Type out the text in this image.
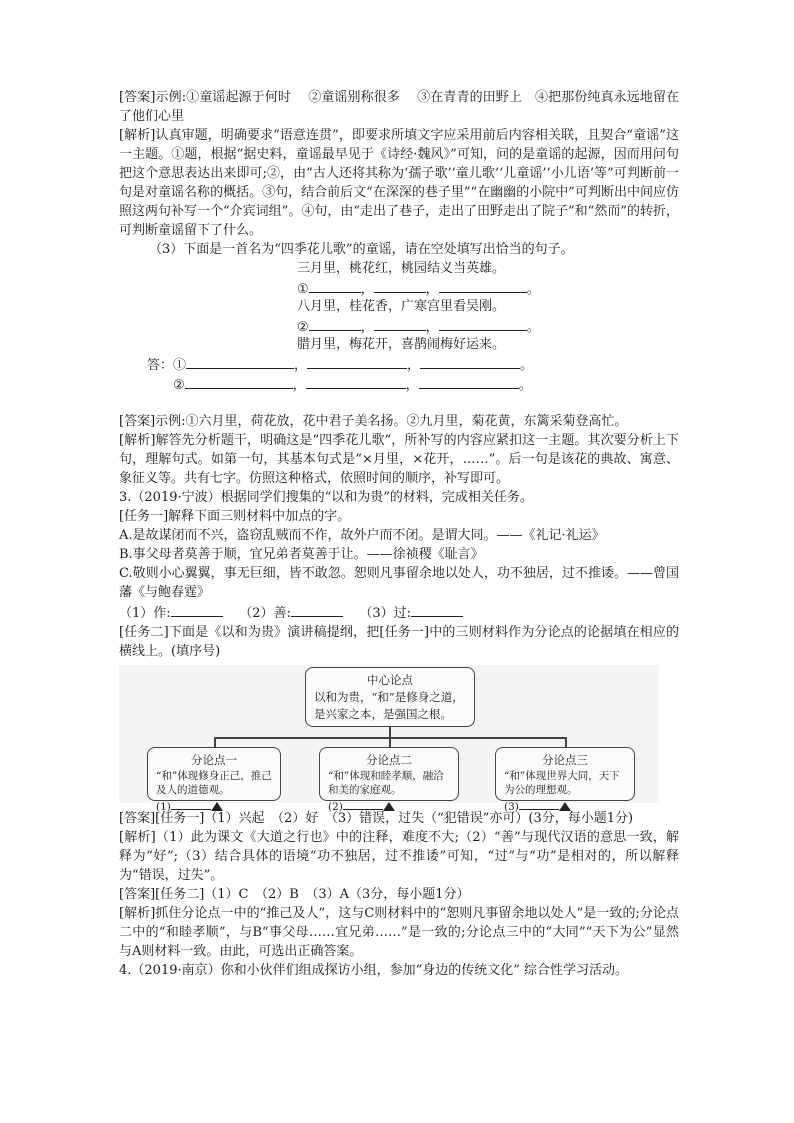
[答案]示例:①童谣起源于何时　 ②童谣别称很多　 ③在青青的田野上　④把那份纯真永远地留在了他们心里

[解析]认真审题，明确要求“语意连贯”，即要求所填文字应采用前后内容相关联，且契合“童谣”这一主题。①题，根据“据史料，童谣最早见于《诗经·魏风》”可知，问的是童谣的起源，因而用问句把这个意思表达出来即可;②，由“古人还将其称为‘孺子歌’‘童儿歌’‘儿童谣’‘小儿语’等”可判断前一句是对童谣名称的概括。③句，结合前后文“在深深的巷子里”“在幽幽的小院中”可判断出中间应仿照这两句补写一个“介宾词组”。④句，由“走出了巷子，走出了田野走出了院子”和“然而”的转折，可判断童谣留下了什么。

（3）下面是一首名为“四季花儿歌”的童谣，请在空处填写出恰当的句子。

三月里，桃花红，桃园结义当英雄。
①	，	，	。
八月里，桂花香，广寒宫里看吴刚。
②	，	，	。
腊月里，梅花开，喜鹊闹梅好运来。
答：①	，	，	。
②	，	，	。

[答案]示例:①六月里，荷花放，花中君子美名扬。②九月里，菊花黄，东篱采菊登高忙。

[解析]解答先分析题干，明确这是“四季花儿歌”，所补写的内容应紧扣这一主题。其次要分析上下句，理解句式。如第一句，其基本句式是“×月里，×花开，……”。后一句是该花的典故、寓意、象征义等。共有七字。仿照这种格式，依照时间的顺序，补写即可。

3.（2019·宁波）根据同学们搜集的“以和为贵”的材料，完成相关任务。

[任务一]解释下面三则材料中加点的字。

A.是故谋闭而不兴，盗窃乱贼而不作，故外户而不闭。是谓大同。——《礼记·礼运》

B.事父母者莫善于顺，宜兄弟者莫善于让。——徐祯稷《耻言》

C.敬则小心翼翼，事无巨细，皆不敢忽。恕则凡事留余地以处人，功不独居，过不推诿。——曾国藩《与鲍春霆》

（1）作:	（2）善:	（3）过:

[任务二]下面是《以和为贵》演讲稿提纲，把[任务一]中的三则材料作为分论点的论据填在相应的横线上。(填序号)

中心论点
以和为贵，“和”是修身之道，是兴家之本，是强国之根。
分论点一
“和”体现修身正己，推己及人的道德观。
(1)
分论点二
“和”体现和睦孝顺，融洽和美的家庭观。
(2)
分论点三
“和”体现世界大同，天下为公的理想观。
(3)

[答案][任务一]（1）兴起　（2）好　（3）错误，过失（“犯错误”亦可）(3分，每小题1分)

[解析]（1）此为课文《大道之行也》中的注释，难度不大;（2）“善”与现代汉语的意思一致，解释为“好”;（3）结合具体的语境“功不独居，过不推诿”可知，“过”与“功”是相对的，所以解释为“错误，过失”。

[答案][任务二]（1）C　（2）B　（3）A（3分，每小题1分）

[解析]抓住分论点一中的“推己及人”，这与C则材料中的“恕则凡事留余地以处人”是一致的;分论点二中的“和睦孝顺”，与B“事父母……宜兄弟……”是一致的;分论点三中的“大同”“天下为公”显然与A则材料一致。由此，可选出正确答案。

4.（2019·南京）你和小伙伴们组成探访小组，参加“身边的传统文化” 综合性学习活动。
